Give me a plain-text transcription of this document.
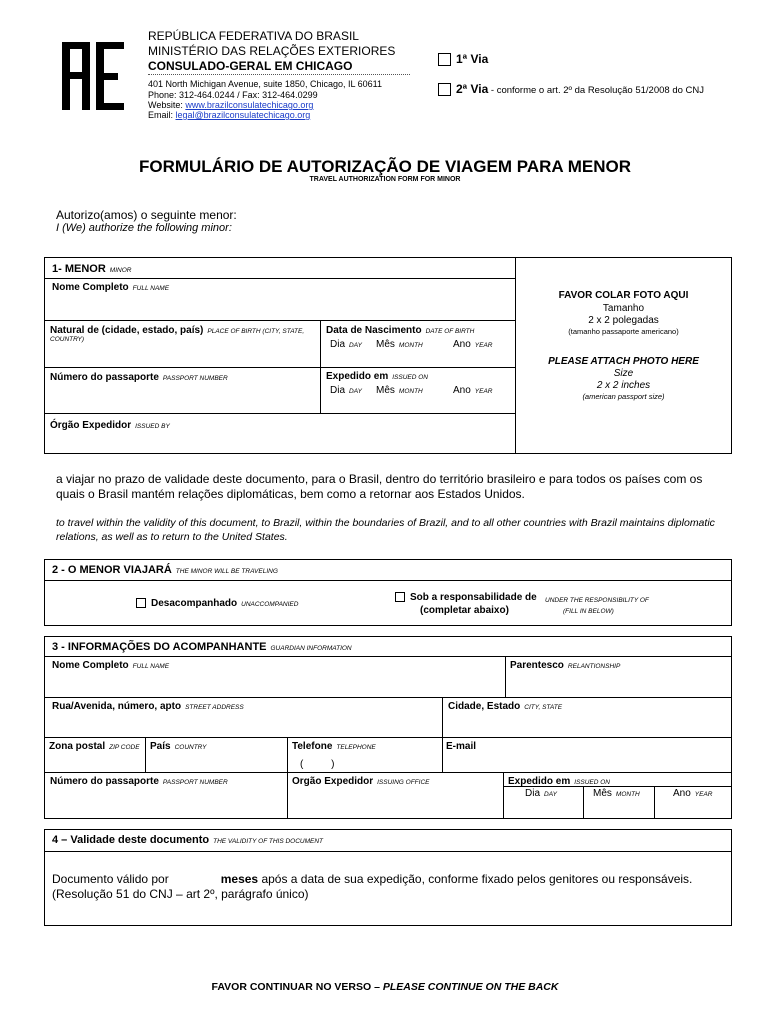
REPÚBLICA FEDERATIVA DO BRASIL
MINISTÉRIO DAS RELAÇÕES EXTERIORES
CONSULADO-GERAL EM CHICAGO
401 North Michigan Avenue, suite 1850, Chicago, IL 60611
Phone: 312-464.0244 / Fax: 312-464.0299
Website: www.brazilconsulatechicago.org
Email: legal@brazilconsulatechicago.org
1ª Via
2ª Via - conforme o art. 2º da Resolução 51/2008 do CNJ
FORMULÁRIO DE AUTORIZAÇÃO DE VIAGEM PARA MENOR
TRAVEL AUTHORIZATION FORM FOR MINOR
Autorizo(amos) o seguinte menor:
I (We) authorize the following minor:
1- MENOR MINOR
Nome Completo FULL NAME
Natural de (cidade, estado, país) PLACE OF BIRTH (CITY, STATE,
COUNTRY)
Data de Nascimento DATE OF BIRTH
Dia DAY Mês MONTH	Ano YEAR
Número do passaporte PASSPORT NUMBER	Expedido em ISSUED ON
Dia DAY Mês MONTH	Ano YEAR
Órgão Expedidor ISSUED BY
FAVOR COLAR FOTO AQUI
Tamanho
2 x 2 polegadas
(tamanho passaporte americano)
PLEASE ATTACH PHOTO HERE
Size
2 x 2 inches
(american passport size)
a viajar no prazo de validade deste documento, para o Brasil, dentro do território brasileiro e para todos os países com os quais o Brasil mantém relações diplomáticas, bem como a retornar aos Estados Unidos.
to travel within the validity of this document, to Brazil, within the boundaries of Brazil, and to all other countries with Brazil maintains diplomatic relations, as well as to return to the United States.
2 - O MENOR VIAJARÁ THE MINOR WILL BE TRAVELING
Desacompanhado UNACCOMPANIED
Sob a responsabilidade de UNDER THE RESPONSIBILITY OF
(completar abaixo)	(FILL IN BELOW)
3 - INFORMAÇÕES DO ACOMPANHANTE GUARDIAN INFORMATION
Nome Completo FULL NAME	Parentesco RELANTIONSHIP
Rua/Avenida, número, apto STREET ADDRESS	Cidade, Estado CITY, STATE
Zona postal ZIP CODE País COUNTRY	Telefone TELEPHONE
(          )
E-mail
Número do passaporte PASSPORT NUMBER	Orgão Expedidor ISSUING OFFICE	Expedido em ISSUED ON
Dia DAY	Mês MONTH	Ano YEAR
4 – Validade deste documento THE VALIDITY OF THIS DOCUMENT
Documento válido por	meses após a data de sua expedição, conforme fixado pelos genitores ou responsáveis.
(Resolução 51 do CNJ – art 2º, parágrafo único)
FAVOR CONTINUAR NO VERSO – PLEASE CONTINUE ON THE BACK
